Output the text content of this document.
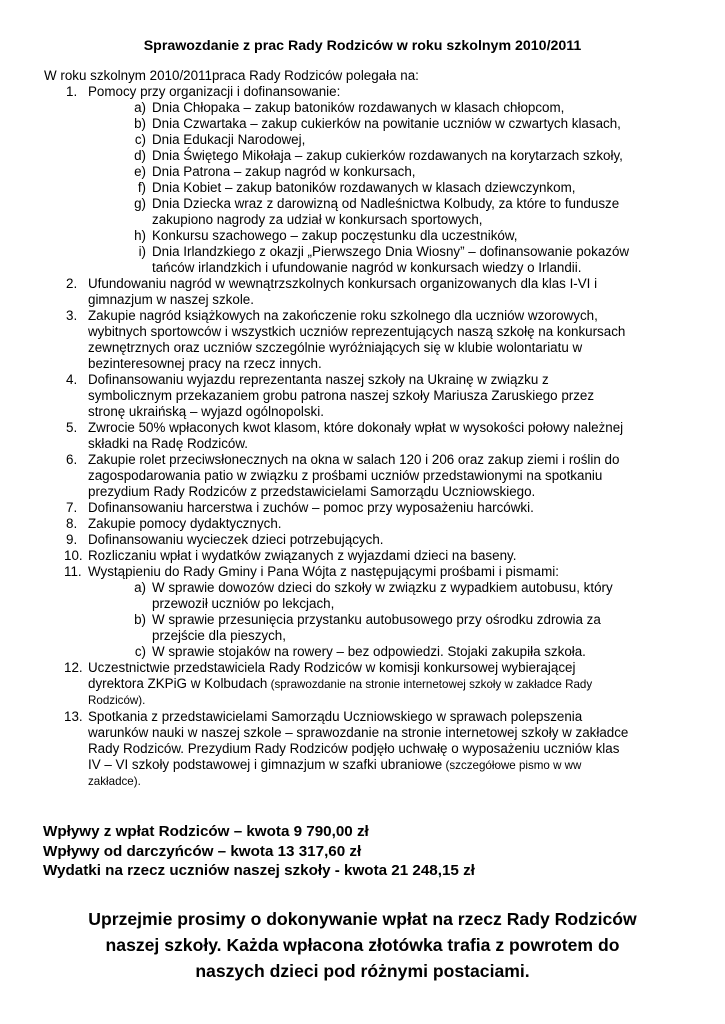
Sprawozdanie z prac Rady Rodziców w roku szkolnym 2010/2011
W roku szkolnym 2010/2011praca Rady Rodziców polegała na:
1. Pomocy przy organizacji i dofinansowanie:
a) Dnia Chłopaka – zakup batoników rozdawanych w klasach chłopcom,
b) Dnia Czwartaka – zakup cukierków na powitanie uczniów w czwartych klasach,
c) Dnia Edukacji Narodowej,
d) Dnia Świętego Mikołaja – zakup cukierków rozdawanych na korytarzach szkoły,
e) Dnia Patrona – zakup nagród w konkursach,
f) Dnia Kobiet – zakup batoników rozdawanych w klasach dziewczynkom,
g) Dnia Dziecka wraz z darowizną od Nadleśnictwa Kolbudy, za które to fundusze
zakupiono nagrody za udział w konkursach sportowych,
h) Konkursu szachowego – zakup poczęstunku dla uczestników,
i) Dnia Irlandzkiego z okazji „Pierwszego Dnia Wiosny” – dofinansowanie pokazów
tańców irlandzkich i ufundowanie nagród w konkursach wiedzy o Irlandii.
2. Ufundowaniu nagród w wewnątrzszkolnych konkursach organizowanych dla klas I-VI i
gimnazjum w naszej szkole.
3. Zakupie nagród książkowych na zakończenie roku szkolnego dla uczniów wzorowych,
wybitnych sportowców i wszystkich uczniów reprezentujących naszą szkołę na konkursach
zewnętrznych oraz uczniów szczególnie wyróżniających się w klubie wolontariatu w
bezinteresownej pracy na rzecz innych.
4. Dofinansowaniu wyjazdu reprezentanta naszej szkoły na Ukrainę w związku z
symbolicznym przekazaniem grobu patrona naszej szkoły Mariusza Zaruskiego przez
stronę ukraińską – wyjazd ogólnopolski.
5. Zwrocie 50% wpłaconych kwot klasom, które dokonały wpłat w wysokości połowy należnej
składki na Radę Rodziców.
6. Zakupie rolet przeciwsłonecznych na okna w salach 120 i 206 oraz zakup ziemi i roślin do
zagospodarowania patio w związku z prośbami uczniów przedstawionymi na spotkaniu
prezydium Rady Rodziców z przedstawicielami Samorządu Uczniowskiego.
7. Dofinansowaniu harcerstwa i zuchów – pomoc przy wyposażeniu harcówki.
8. Zakupie pomocy dydaktycznych.
9. Dofinansowaniu wycieczek dzieci potrzebujących.
10. Rozliczaniu wpłat i wydatków związanych z wyjazdami dzieci na baseny.
11. Wystąpieniu do Rady Gminy i Pana Wójta z następującymi prośbami i pismami:
a) W sprawie dowozów dzieci do szkoły w związku z wypadkiem autobusu, który
przewoził uczniów po lekcjach,
b) W sprawie przesunięcia przystanku autobusowego przy ośrodku zdrowia za
przejście dla pieszych,
c) W sprawie stojaków na rowery – bez odpowiedzi. Stojaki zakupiła szkoła.
12. Uczestnictwie przedstawiciela Rady Rodziców w komisji konkursowej wybierającej
dyrektora ZKPiG w Kolbudach (sprawozdanie na stronie internetowej szkoły w zakładce Rady
Rodziców).
13. Spotkania z przedstawicielami Samorządu Uczniowskiego w sprawach polepszenia
warunków nauki w naszej szkole – sprawozdanie na stronie internetowej szkoły w zakładce
Rady Rodziców. Prezydium Rady Rodziców podjęło uchwałę o wyposażeniu uczniów klas
IV – VI szkoły podstawowej i gimnazjum w szafki ubraniowe (szczegółowe pismo w ww
zakładce).
Wpływy z wpłat Rodziców – kwota 9 790,00 zł
Wpływy od darczyńców – kwota 13 317,60 zł
Wydatki na rzecz uczniów naszej szkoły - kwota 21 248,15 zł
Uprzejmie prosimy o dokonywanie wpłat na rzecz Rady Rodziców
naszej szkoły. Każda wpłacona złotówka trafia z powrotem do
naszych dzieci pod różnymi postaciami.
